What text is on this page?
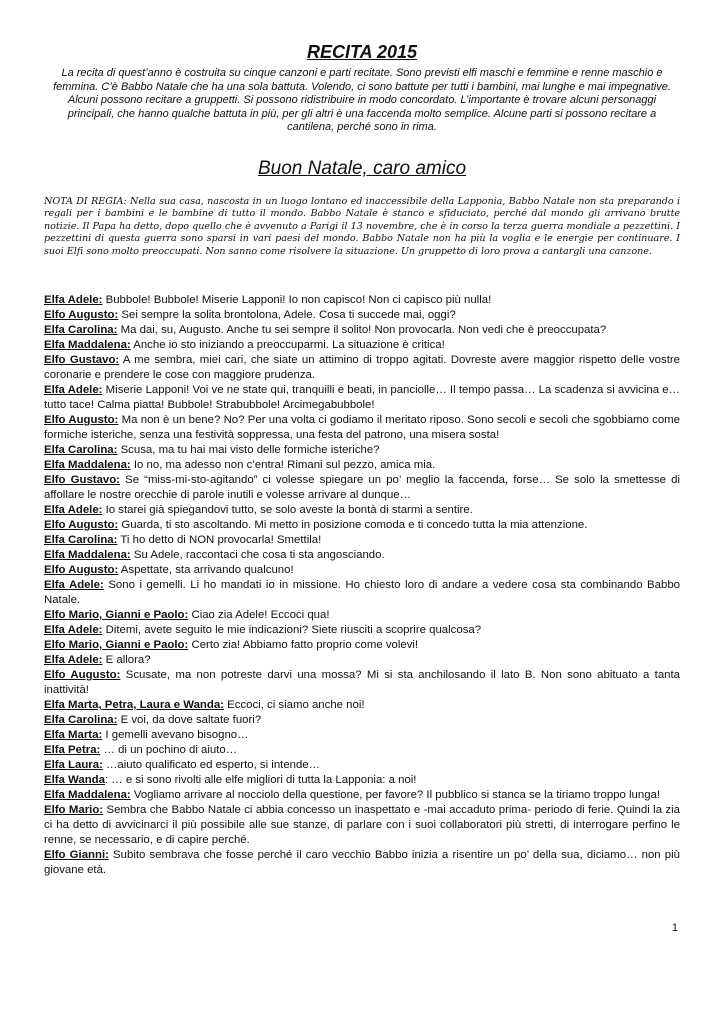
RECITA 2015

La recita di quest’anno è costruita su cinque canzoni e parti recitate. Sono previsti elfi maschi e femmine e renne maschio e femmina. C’è Babbo Natale che ha una sola battuta. Volendo, ci sono battute per tutti i bambini, mai lunghe e mai impegnative. Alcuni possono recitare a gruppetti. Si possono ridistribuire in modo concordato. L’importante è trovare alcuni personaggi principali, che hanno qualche battuta in più, per gli altri è una faccenda molto semplice. Alcune parti si possono recitare a cantilena, perché sono in rima.

Buon Natale, caro amico

NOTA DI REGIA: Nella sua casa, nascosta in un luogo lontano ed inaccessibile della Lapponia, Babbo Natale non sta preparando i regali per i bambini e le bambine di tutto il mondo. Babbo Natale è stanco e sfiduciato, perché dal mondo gli arrivano brutte notizie. Il Papa ha detto, dopo quello che è avvenuto a Parigi il 13 novembre, che è in corso la terza guerra mondiale a pezzettini. I pezzettini di questa guerra sono sparsi in vari paesi del mondo. Babbo Natale non ha più la voglia e le energie per continuare. I suoi Elfi sono molto preoccupati. Non sanno come risolvere la situazione. Un gruppetto di loro prova a cantargli una canzone.

Elfa Adele: Bubbole! Bubbole! Miserie Lapponi! Io non capisco! Non ci capisco più nulla!

Elfo Augusto: Sei sempre la solita brontolona, Adele. Cosa ti succede mai, oggi?

Elfa Carolina: Ma dai, su, Augusto. Anche tu sei sempre il solito! Non provocarla. Non vedi che è preoccupata?

Elfa Maddalena: Anche io sto iniziando a preoccuparmi. La situazione è critica!

Elfo Gustavo: A me sembra, miei cari, che siate un attimino di troppo agitati. Dovreste avere maggior rispetto delle vostre coronarie e prendere le cose con maggiore prudenza.

Elfa Adele: Miserie Lapponi! Voi ve ne state qui, tranquilli e beati, in panciolle… Il tempo passa… La scadenza si avvicina e… tutto tace! Calma piatta! Bubbole! Strabubbole! Arcimegabubbole!

Elfo Augusto: Ma non è un bene? No? Per una volta ci godiamo il meritato riposo. Sono secoli e secoli che sgobbiamo come formiche isteriche, senza una festività soppressa, una festa del patrono, una misera sosta!

Elfa Carolina: Scusa, ma tu hai mai visto delle formiche isteriche?

Elfa Maddalena: Io no, ma adesso non c’entra! Rimani sul pezzo, amica mia.

Elfo Gustavo: Se “miss-mi-sto-agitando” ci volesse spiegare un po’ meglio la faccenda, forse… Se solo la smettesse di affollare le nostre orecchie di parole inutili e volesse arrivare al dunque…

Elfa Adele: Io starei già spiegandovi tutto, se solo aveste la bontà di starmi a sentire.

Elfo Augusto: Guarda, ti sto ascoltando. Mi metto in posizione comoda e ti concedo tutta la mia attenzione.

Elfa Carolina: Ti ho detto di NON provocarla! Smettila!

Elfa Maddalena: Su Adele, raccontaci che cosa ti sta angosciando.

Elfo Augusto: Aspettate, sta arrivando qualcuno!

Elfa Adele: Sono i gemelli. Li ho mandati io in missione. Ho chiesto loro di andare a vedere cosa sta combinando Babbo Natale.

Elfo Mario, Gianni e Paolo: Ciao zia Adele! Eccoci qua!

Elfa Adele: Ditemi, avete seguito le mie indicazioni? Siete riusciti a scoprire qualcosa?

Elfo Mario, Gianni e Paolo: Certo zia! Abbiamo fatto proprio come volevi!

Elfa Adele: E allora?

Elfo Augusto: Scusate, ma non potreste darvi una mossa? Mi si sta anchilosando il lato B. Non sono abituato a tanta inattività!

Elfa Marta, Petra, Laura e Wanda: Eccoci, ci siamo anche noi!

Elfa Carolina: E voi, da dove saltate fuori?

Elfa Marta: I gemelli avevano bisogno…

Elfa Petra: … di un pochino di aiuto…

Elfa Laura: …aiuto qualificato ed esperto, si intende…

Elfa Wanda: … e si sono rivolti alle elfe migliori di tutta la Lapponia: a noi!

Elfa Maddalena: Vogliamo arrivare al nocciolo della questione, per favore? Il pubblico si stanca se la tiriamo troppo lunga!

Elfo Mario: Sembra che Babbo Natale ci abbia concesso un inaspettato e -mai accaduto prima- periodo di ferie. Quindi la zia ci ha detto di avvicinarci il più possibile alle sue stanze, di parlare con i suoi collaboratori più stretti, di interrogare perfino le renne, se necessario, e di capire perché.

Elfo Gianni: Subito sembrava che fosse perché il caro vecchio Babbo inizia a risentire un po’ della sua, diciamo… non più giovane età.

1
